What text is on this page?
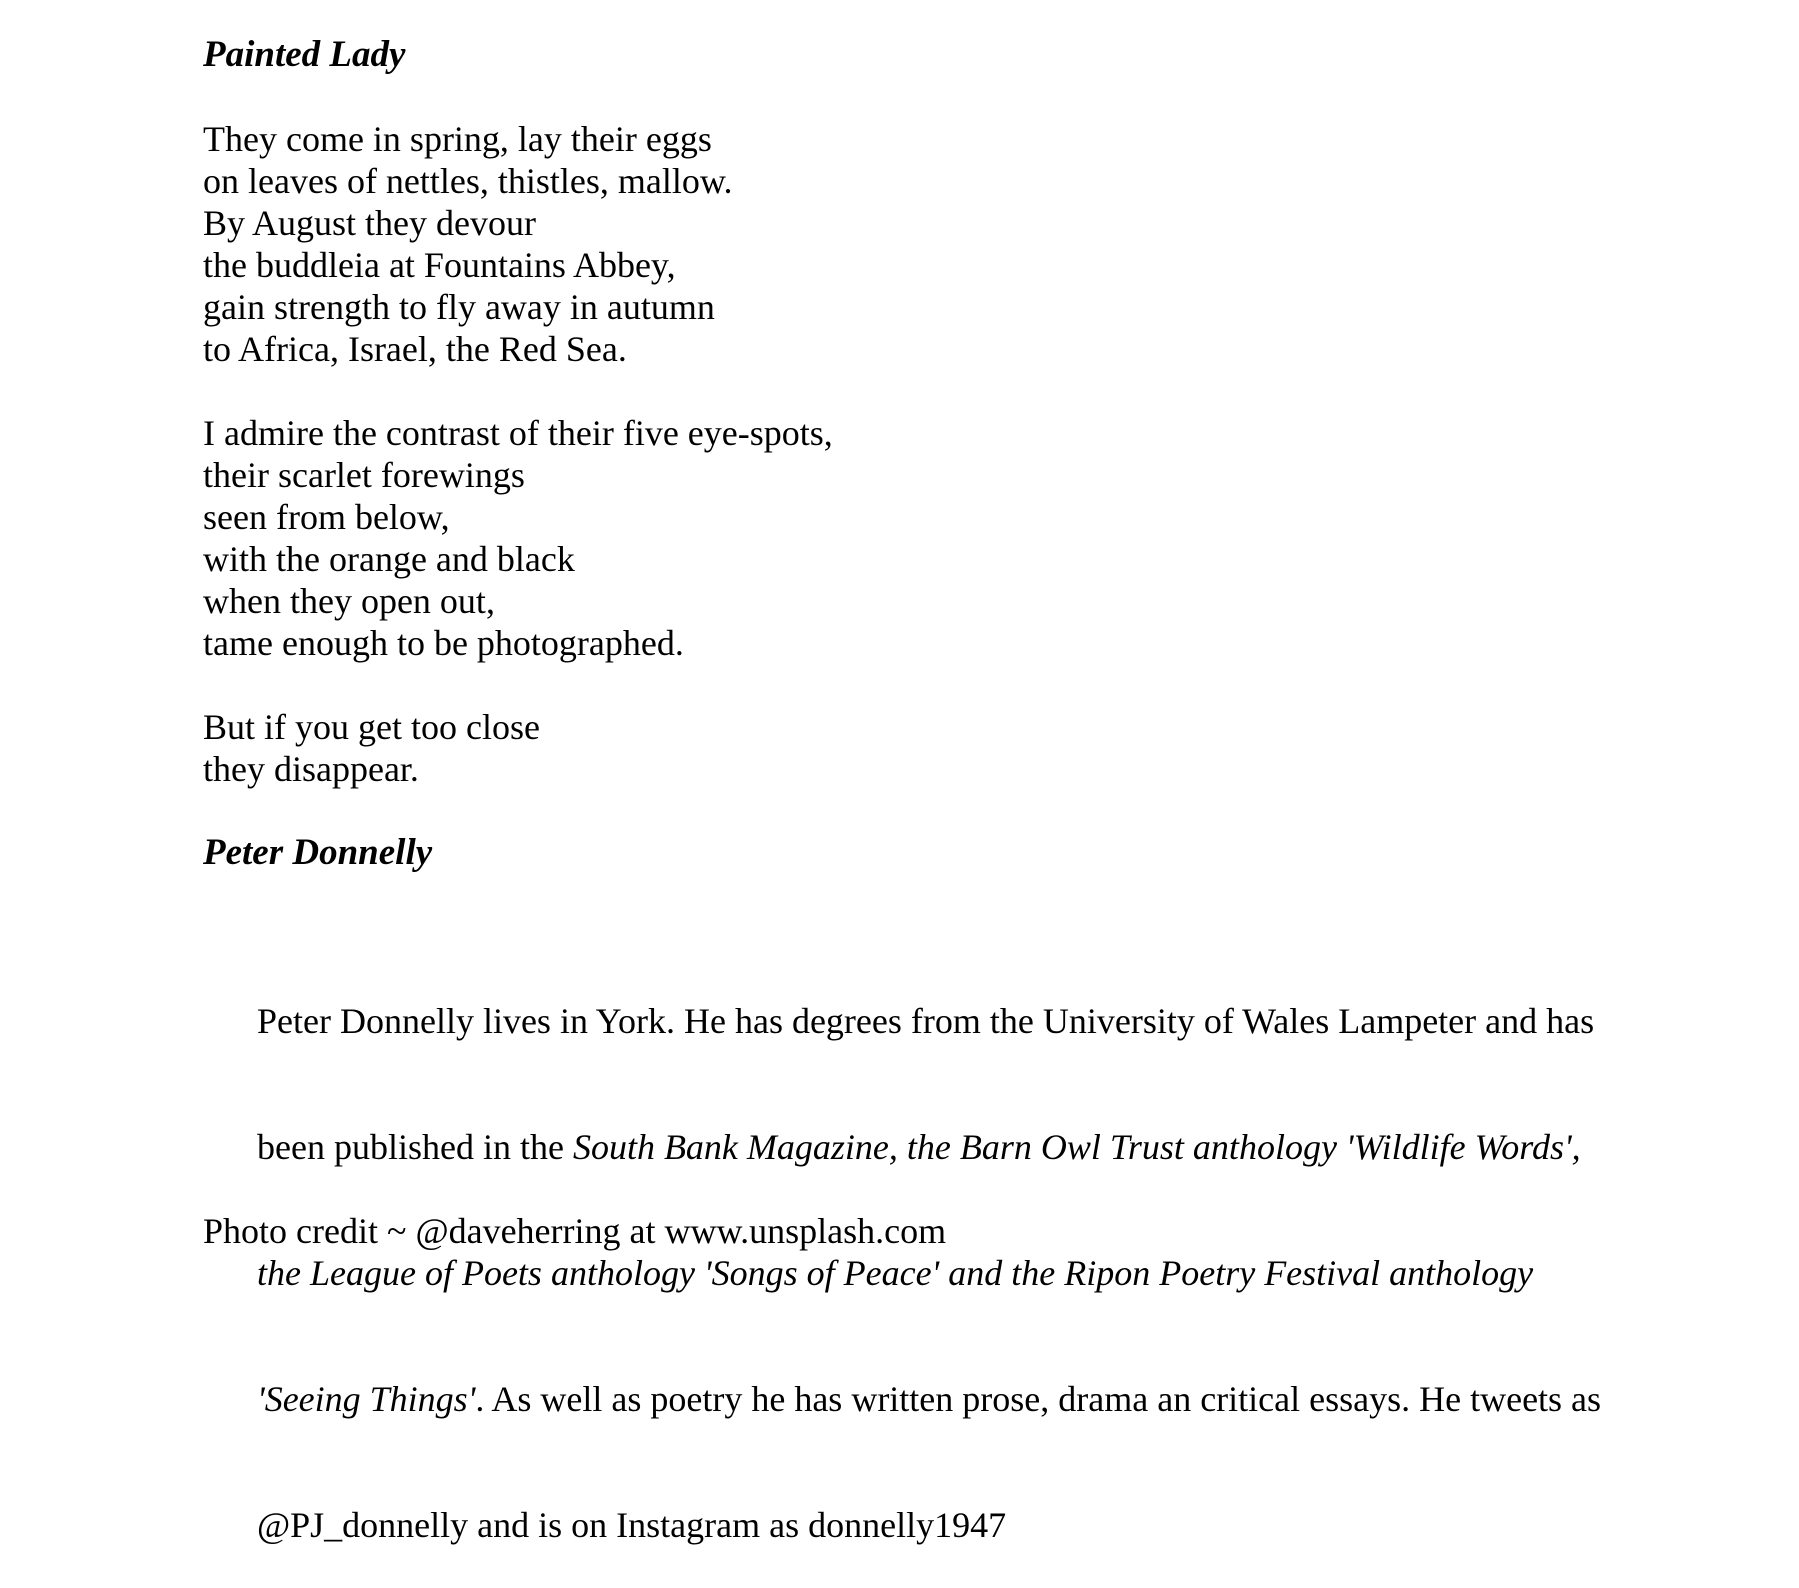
Painted Lady
They come in spring, lay their eggs
on leaves of nettles, thistles, mallow.
By August they devour
the buddleia at Fountains Abbey,
gain strength to fly away in autumn
to Africa, Israel, the Red Sea.
I admire the contrast of their five eye-spots,
their scarlet forewings
seen from below,
with the orange and black
when they open out,
tame enough to be photographed.
But if you get too close
they disappear.
Peter Donnelly

Peter Donnelly lives in York. He has degrees from the University of Wales Lampeter and has

been published in the South Bank Magazine, the Barn Owl Trust anthology 'Wildlife Words',

the League of Poets anthology 'Songs of Peace' and the Ripon Poetry Festival anthology

'Seeing Things'. As well as poetry he has written prose, drama an critical essays. He tweets as

@PJ_donnelly and is on Instagram as donnelly1947

Photo credit ~ @daveherring at www.unsplash.com
